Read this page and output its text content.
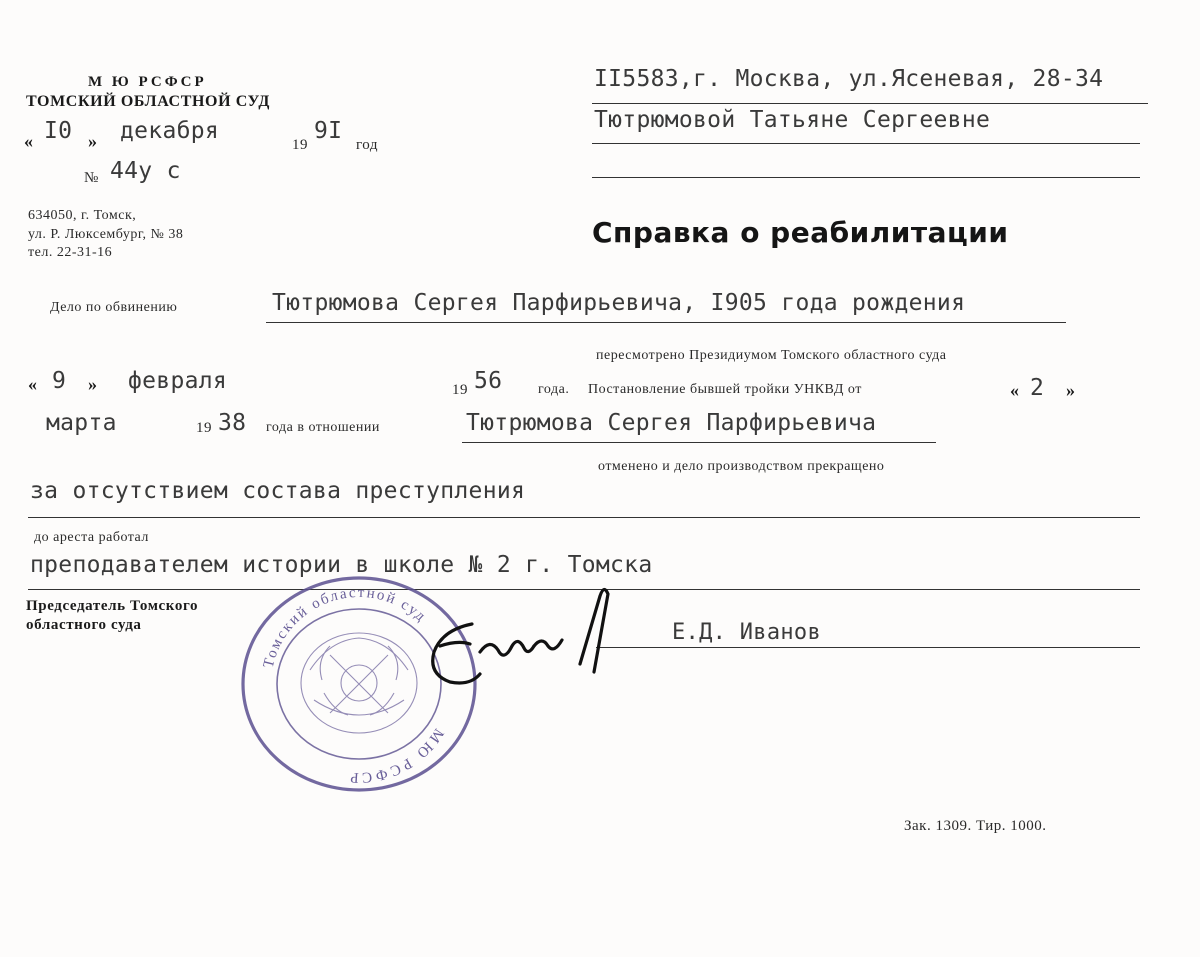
М Ю РСФСР
ТОМСКИЙ ОБЛАСТНОЙ СУД
« I0 » декабря
19
9I
год
№ 44у с
634050, г. Томск,
ул. Р. Люксембург, № 38
тел. 22-31-16
II5583,г. Москва, ул.Ясеневая, 28-34
Тютрюмовой Татьяне Сергеевне
Справка о реабилитации
Дело по обвинению	Тютрюмова Сергея Парфирьевича, I905 года рождения
пересмотрено Президиумом Томского областного суда
« 9 » февраля	19 56	года. Постановление бывшей тройки УНКВД от	« 2 »
марта	19 38 года в отношении	Тютрюмова Сергея Парфирьевича
отменено и дело производством прекращено
за отсутствием состава преступления
до ареста работал
преподавателем истории в школе № 2 г. Томска
Председатель Томского
областного суда	Е.Д. Иванов
Томский областной суд
МЮ РСФСР
Зак. 1309. Тир. 1000.
